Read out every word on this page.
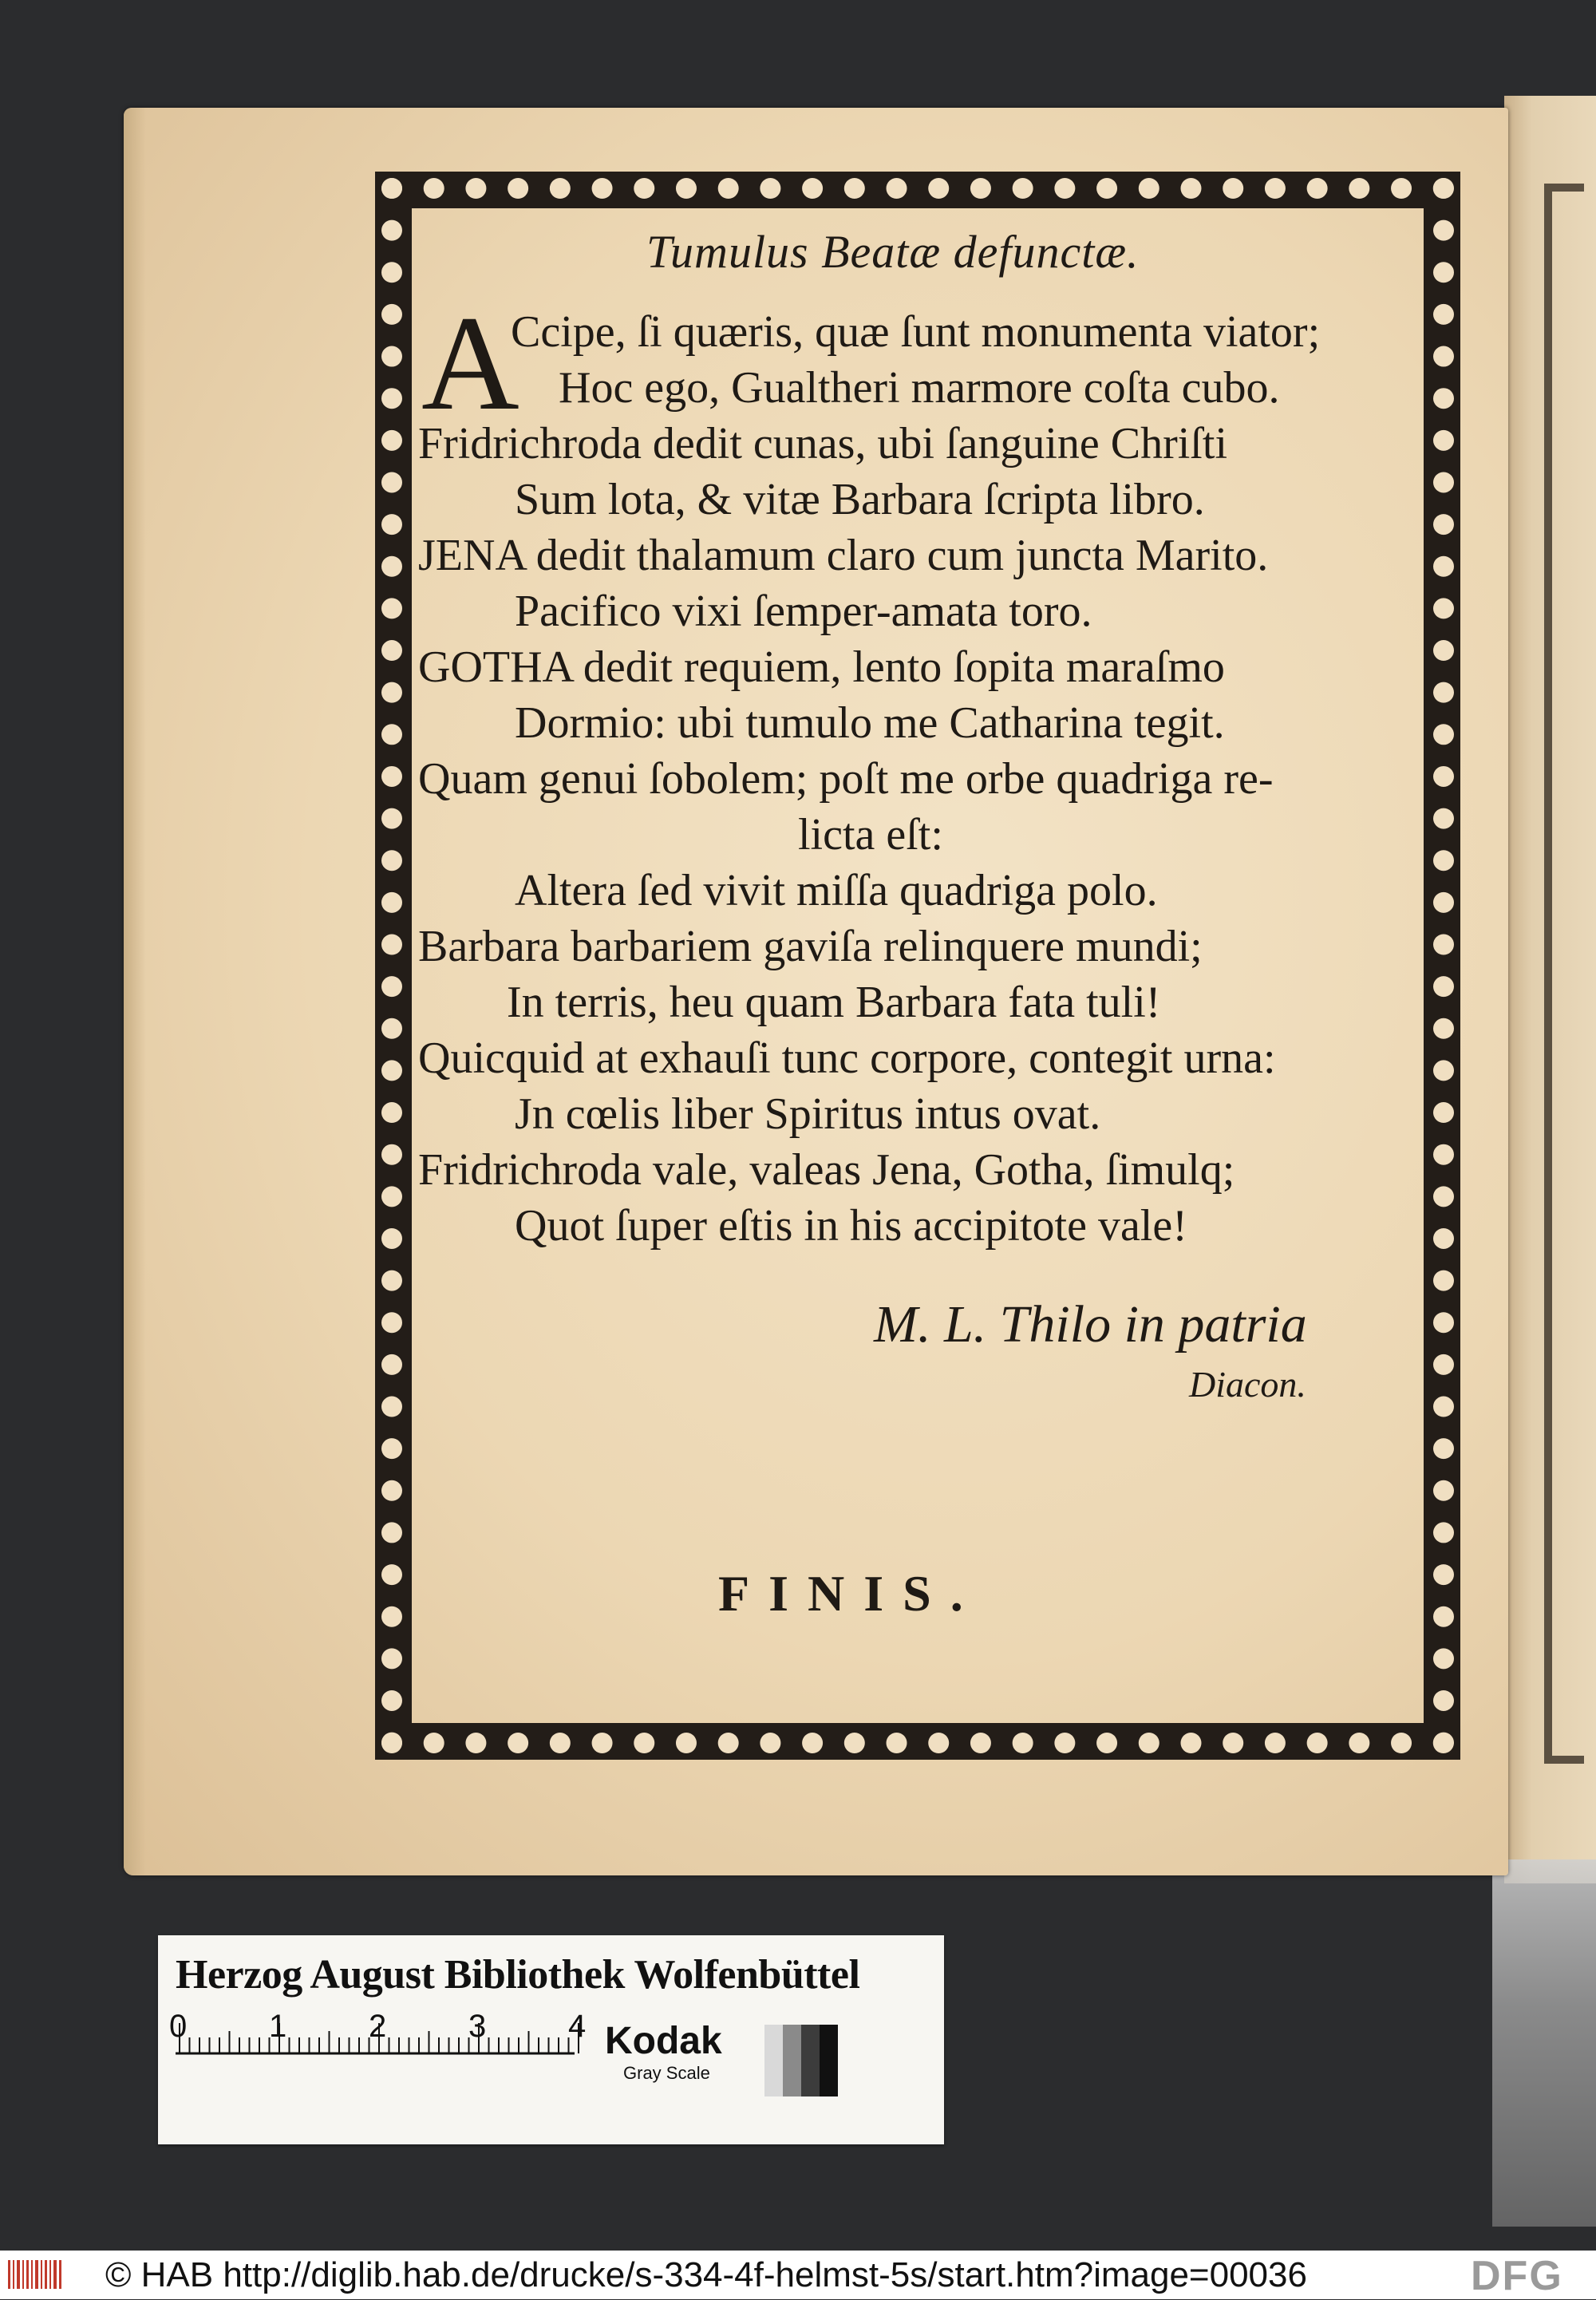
Tumulus Beatæ defunctæ.
A
Ccipe, ſi quæris, quæ ſunt monumenta viator;
Hoc ego, Gualtheri marmore coſta cubo.
Fridrichroda dedit cunas, ubi ſanguine Chriſti
Sum lota, & vitæ Barbara ſcripta libro.
JENA dedit thalamum claro cum juncta Marito.
Pacifico vixi ſemper-amata toro.
GOTHA dedit requiem, lento ſopita maraſmo
Dormio: ubi tumulo me Catharina tegit.
Quam genui ſobolem; poſt me orbe quadriga re-
licta eſt:
Altera ſed vivit miſſa quadriga polo.
Barbara barbariem gaviſa relinquere mundi;
In terris, heu quam Barbara fata tuli!
Quicquid at exhauſi tunc corpore, contegit urna:
Jn cœlis liber Spiritus intus ovat.
Fridrichroda vale, valeas Jena, Gotha, ſimulq;
Quot ſuper eſtis in his accipitote vale!
M. L. Thilo in patria
Diacon.
FINIS.
Herzog August Bibliothek Wolfenbüttel
0	1	2	3	4 Kodak
Gray Scale
© HAB http://diglib.hab.de/drucke/s-334-4f-helmst-5s/start.htm?image=00036	DFG
